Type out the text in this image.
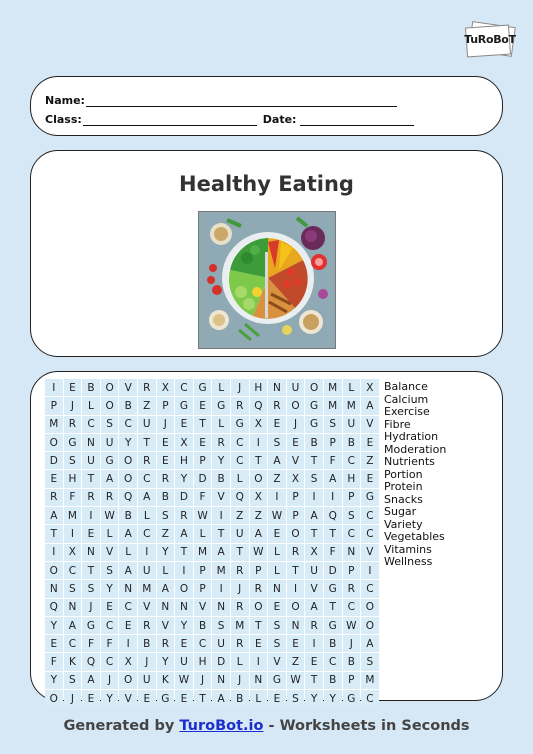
TuRoBoT
Name:
Class:	Date:
Healthy Eating
I	E	B	O	V	R	X	C	G	L	J	H	N	U	O M	L	X
P	J	L	O	B	Z	P	G	E	G	R	Q	R	O G M M A
M R	C	S	C	U	J	E	T	L	G	X	E	J	G	S	U	V
O G	N	U	Y	T	E	X	E	R	C	I	S	E	B	P	B	E
D	S	U	G O	R	E	H	P	Y	C	T	A	V	T	F	C	Z
E	H	T	A	O	C	R	Y	D	B	L	O	Z	X	S	A	H	E
R	F	R	R	Q	A	B	D	F	V	Q	X	I	P	I	I	P	G
A M	I	W B	L	S	R W	I	Z	Z W P	A	Q	S	C
T	I	E	L	A	C	Z	A	L	T	U	A	E	O	T	T	C	C
I	X	N	V	L	I	Y	T	M A	T W L	R	X	F	N	V
O	C	T	S	A	U	L	I	P	M R	P	L	T	U	D	P	I
N	S	S	Y	N M A	O	P	I	J	R	N	I	V	G	R	C
Q	N	J	E	C	V	N	N	V	N	R	O	E	O	A	T	C	O
Y	A	G	C	E	R	V	Y	B	S	M	T	S	N	R	G W O
E	C	F	F	I	B	R	E	C	U	R	E	S	E	I	B	J	A
F	K	Q	C	X	J	Y	U	H	D	L	I	V	Z	E	C	B	S
Y	S	A	J	O	U	K W	J	N	J	N	G W T	B	P	M
O	J	E	Y	V	E	G	E	T	A	B	L	E	S	Y	Y	G	C
Balance
Calcium
Exercise
Fibre
Hydration
Moderation
Nutrients
Portion
Protein
Snacks
Sugar
Variety
Vegetables
Vitamins
Wellness
Generated by TuroBot.io - Worksheets in Seconds
